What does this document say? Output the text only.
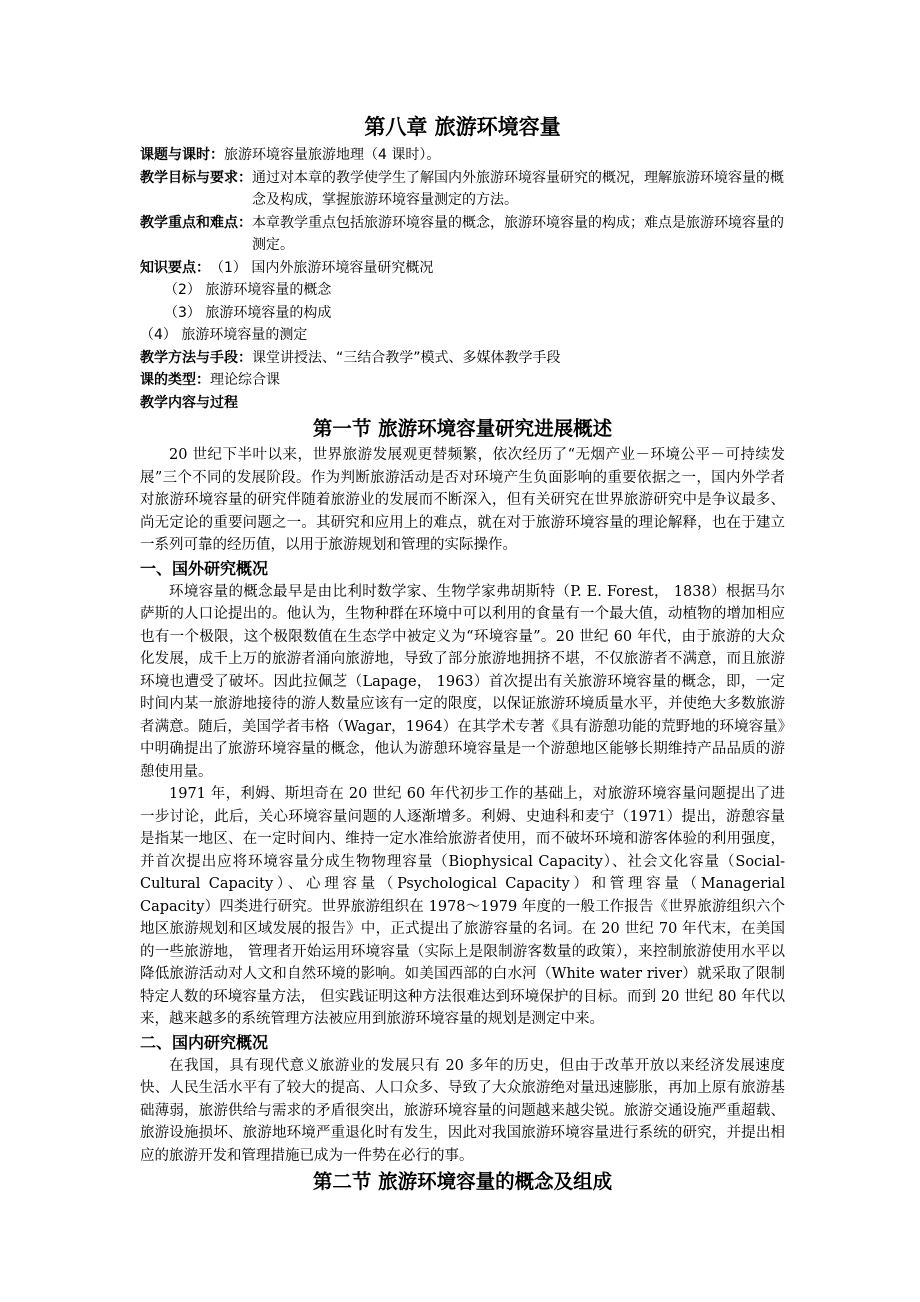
第八章 旅游环境容量
课题与课时： 旅游环境容量旅游地理（4 课时）。
教学目标与要求： 通过对本章的教学使学生了解国内外旅游环境容量研究的概况，理解旅游环境容量的概念及构成，掌握旅游环境容量测定的方法。
教学重点和难点： 本章教学重点包括旅游环境容量的概念，旅游环境容量的构成；难点是旅游环境容量的测定。
知识要点： （1） 国内外旅游环境容量研究概况
（2） 旅游环境容量的概念
（3） 旅游环境容量的构成
（4） 旅游环境容量的测定
教学方法与手段： 课堂讲授法、“三结合教学”模式、多媒体教学手段
课的类型： 理论综合课
教学内容与过程
第一节 旅游环境容量研究进展概述

20 世纪下半叶以来，世界旅游发展观更替频繁，依次经历了“无烟产业－环境公平－可持续发展”三个不同的发展阶段。作为判断旅游活动是否对环境产生负面影响的重要依据之一，国内外学者对旅游环境容量的研究伴随着旅游业的发展而不断深入，但有关研究在世界旅游研究中是争议最多、尚无定论的重要问题之一。其研究和应用上的难点，就在对于旅游环境容量的理论解释，也在于建立一系列可靠的经历值，以用于旅游规划和管理的实际操作。

一、国外研究概况

环境容量的概念最早是由比利时数学家、生物学家弗胡斯特（P. E. Forest， 1838）根据马尔萨斯的人口论提出的。他认为，生物种群在环境中可以利用的食量有一个最大值，动植物的增加相应也有一个极限，这个极限数值在生态学中被定义为“环境容量”。20 世纪 60 年代，由于旅游的大众化发展，成千上万的旅游者涌向旅游地，导致了部分旅游地拥挤不堪，不仅旅游者不满意，而且旅游环境也遭受了破坏。因此拉佩芝（Lapage， 1963）首次提出有关旅游环境容量的概念，即，一定时间内某一旅游地接待的游人数量应该有一定的限度，以保证旅游环境质量水平，并使绝大多数旅游者满意。随后，美国学者韦格（Wagar，1964）在其学术专著《具有游憩功能的荒野地的环境容量》中明确提出了旅游环境容量的概念，他认为游憩环境容量是一个游憩地区能够长期维持产品品质的游憩使用量。

1971 年，利姆、斯坦奇在 20 世纪 60 年代初步工作的基础上，对旅游环境容量问题提出了进一步讨论，此后，关心环境容量问题的人逐渐增多。利姆、史迪科和麦宁（1971）提出，游憩容量是指某一地区、在一定时间内、维持一定水准给旅游者使用，而不破坏环境和游客体验的利用强度，并首次提出应将环境容量分成生物物理容量（Biophysical Capacity）、社会文化容量（Social-Cultural Capacity）、心理容量（Psychological Capacity）和管理容量（Managerial Capacity）四类进行研究。世界旅游组织在 1978～1979 年度的一般工作报告《世界旅游组织六个地区旅游规划和区域发展的报告》中，正式提出了旅游容量的名词。在 20 世纪 70 年代末，在美国的一些旅游地， 管理者开始运用环境容量（实际上是限制游客数量的政策），来控制旅游使用水平以降低旅游活动对人文和自然环境的影响。如美国西部的白水河（White water river）就采取了限制特定人数的环境容量方法， 但实践证明这种方法很难达到环境保护的目标。而到 20 世纪 80 年代以来，越来越多的系统管理方法被应用到旅游环境容量的规划是测定中来。

二、国内研究概况

在我国，具有现代意义旅游业的发展只有 20 多年的历史，但由于改革开放以来经济发展速度快、人民生活水平有了较大的提高、人口众多、导致了大众旅游绝对量迅速膨胀，再加上原有旅游基础薄弱，旅游供给与需求的矛盾很突出，旅游环境容量的问题越来越尖锐。旅游交通设施严重超载、旅游设施损坏、旅游地环境严重退化时有发生，因此对我国旅游环境容量进行系统的研究，并提出相应的旅游开发和管理措施已成为一件势在必行的事。

第二节 旅游环境容量的概念及组成
